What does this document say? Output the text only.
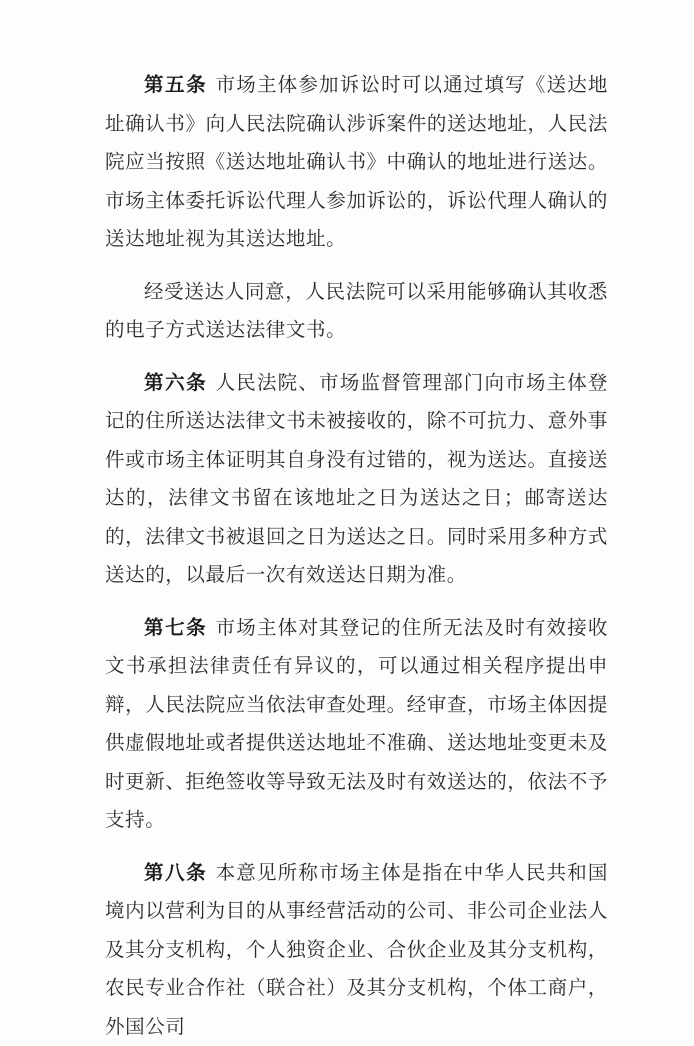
第五条 市场主体参加诉讼时可以通过填写《送达地址确认书》向人民法院确认涉诉案件的送达地址，人民法院应当按照《送达地址确认书》中确认的地址进行送达。市场主体委托诉讼代理人参加诉讼的，诉讼代理人确认的送达地址视为其送达地址。

经受送达人同意，人民法院可以采用能够确认其收悉的电子方式送达法律文书。

第六条 人民法院、市场监督管理部门向市场主体登记的住所送达法律文书未被接收的，除不可抗力、意外事件或市场主体证明其自身没有过错的，视为送达。直接送达的，法律文书留在该地址之日为送达之日；邮寄送达的，法律文书被退回之日为送达之日。同时采用多种方式送达的，以最后一次有效送达日期为准。

第七条 市场主体对其登记的住所无法及时有效接收文书承担法律责任有异议的，可以通过相关程序提出申辩，人民法院应当依法审查处理。经审查，市场主体因提供虚假地址或者提供送达地址不准确、送达地址变更未及时更新、拒绝签收等导致无法及时有效送达的，依法不予支持。

第八条 本意见所称市场主体是指在中华人民共和国境内以营利为目的从事经营活动的公司、非公司企业法人及其分支机构，个人独资企业、合伙企业及其分支机构，农民专业合作社（联合社）及其分支机构，个体工商户，外国公司
